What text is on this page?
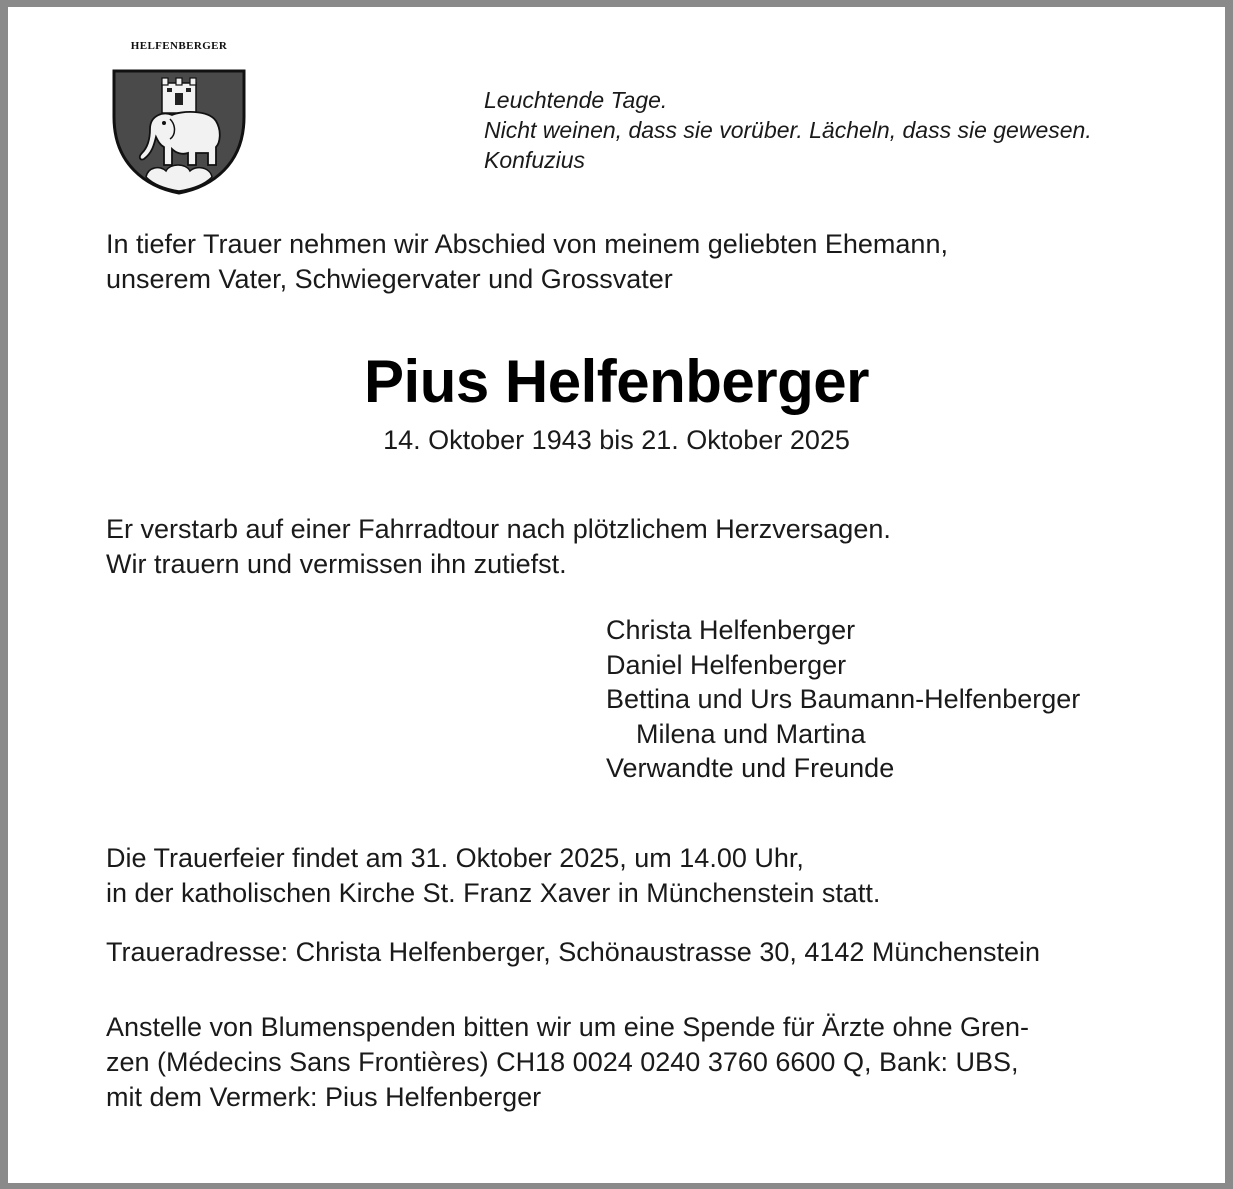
HELFENBERGER
Leuchtende Tage.
Nicht weinen, dass sie vorüber. Lächeln, dass sie gewesen.
Konfuzius
In tiefer Trauer nehmen wir Abschied von meinem geliebten Ehemann,
unserem Vater, Schwiegervater und Grossvater
Pius Helfenberger
14. Oktober 1943 bis 21. Oktober 2025
Er verstarb auf einer Fahrradtour nach plötzlichem Herzversagen.
Wir trauern und vermissen ihn zutiefst.
Christa Helfenberger
Daniel Helfenberger
Bettina und Urs Baumann-Helfenberger
Milena und Martina
Verwandte und Freunde
Die Trauerfeier findet am 31. Oktober 2025, um 14.00 Uhr,
in der katholischen Kirche St. Franz Xaver in Münchenstein statt.
Traueradresse: Christa Helfenberger, Schönaustrasse 30, 4142 Münchenstein
Anstelle von Blumenspenden bitten wir um eine Spende für Ärzte ohne Gren-
zen (Médecins Sans Frontières) CH18 0024 0240 3760 6600 Q, Bank: UBS,
mit dem Vermerk: Pius Helfenberger
